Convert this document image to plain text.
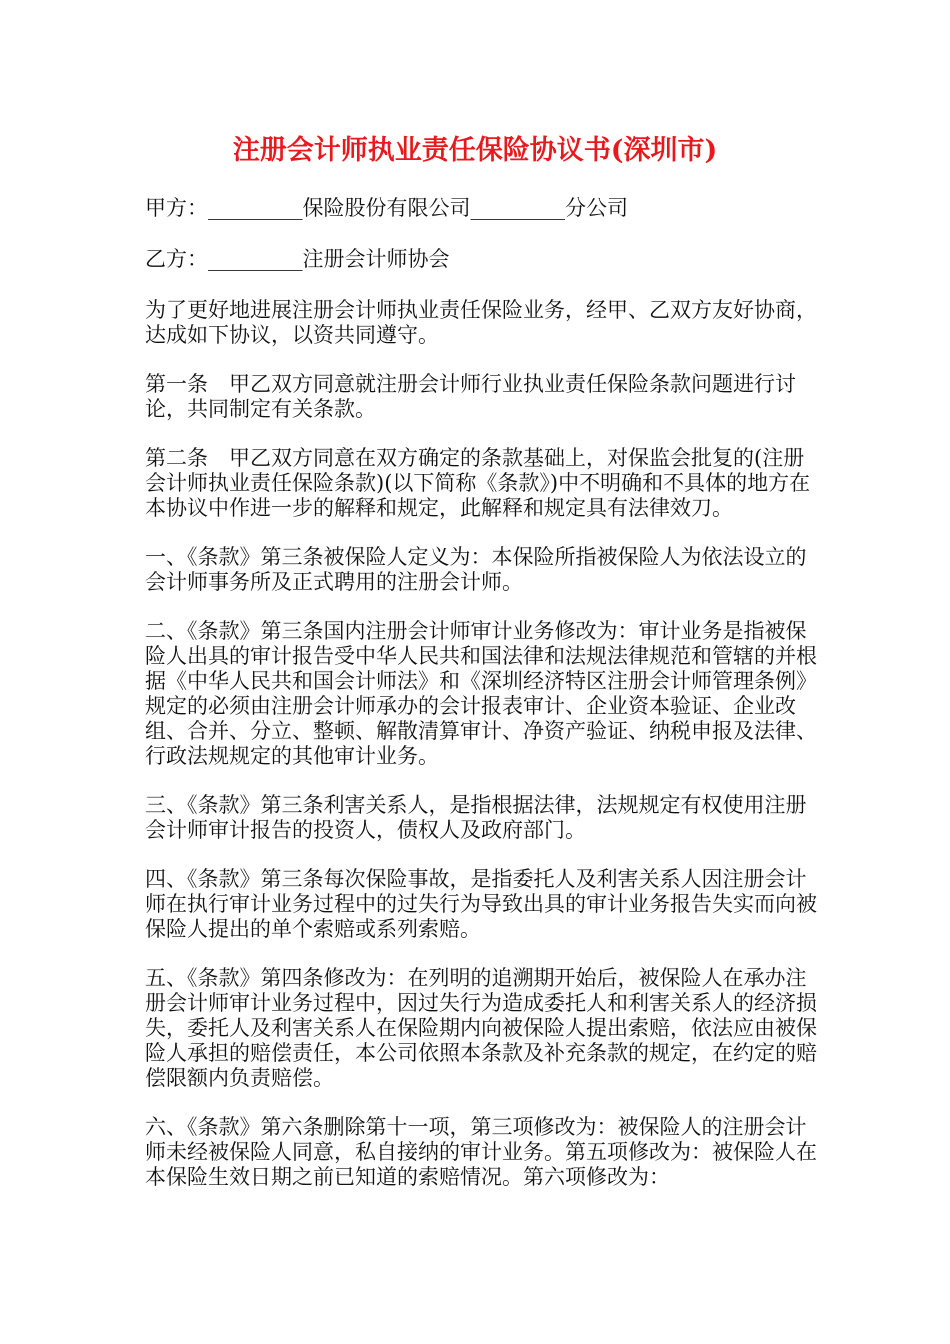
注册会计师执业责任保险协议书(深圳市)

甲方：_________保险股份有限公司_________分公司

乙方：_________注册会计师协会

为了更好地进展注册会计师执业责任保险业务，经甲、乙双方友好协商，达成如下协议，以资共同遵守。

第一条　甲乙双方同意就注册会计师行业执业责任保险条款问题进行讨论，共同制定有关条款。

第二条　甲乙双方同意在双方确定的条款基础上，对保监会批复的(注册会计师执业责任保险条款)(以下简称《条款》)中不明确和不具体的地方在本协议中作进一步的解释和规定，此解释和规定具有法律效刀。

一、《条款》第三条被保险人定义为：本保险所指被保险人为依法设立的会计师事务所及正式聘用的注册会计师。

二、《条款》第三条国内注册会计师审计业务修改为：审计业务是指被保险人出具的审计报告受中华人民共和国法律和法规法律规范和管辖的并根据《中华人民共和国会计师法》和《深圳经济特区注册会计师管理条例》规定的必须由注册会计师承办的会计报表审计、企业资本验证、企业改组、合并、分立、整顿、解散清算审计、净资产验证、纳税申报及法律、行政法规规定的其他审计业务。

三、《条款》第三条利害关系人，是指根据法律，法规规定有权使用注册会计师审计报告的投资人，债权人及政府部门。

四、《条款》第三条每次保险事故，是指委托人及利害关系人因注册会计师在执行审计业务过程中的过失行为导致出具的审计业务报告失实而向被保险人提出的单个索赔或系列索赔。

五、《条款》第四条修改为：在列明的追溯期开始后，被保险人在承办注册会计师审计业务过程中，因过失行为造成委托人和利害关系人的经济损失，委托人及利害关系人在保险期内向被保险人提出索赔，依法应由被保险人承担的赔偿责任，本公司依照本条款及补充条款的规定，在约定的赔偿限额内负责赔偿。

六、《条款》第六条删除第十一项，第三项修改为：被保险人的注册会计师未经被保险人同意，私自接纳的审计业务。第五项修改为：被保险人在本保险生效日期之前已知道的索赔情况。第六项修改为：
